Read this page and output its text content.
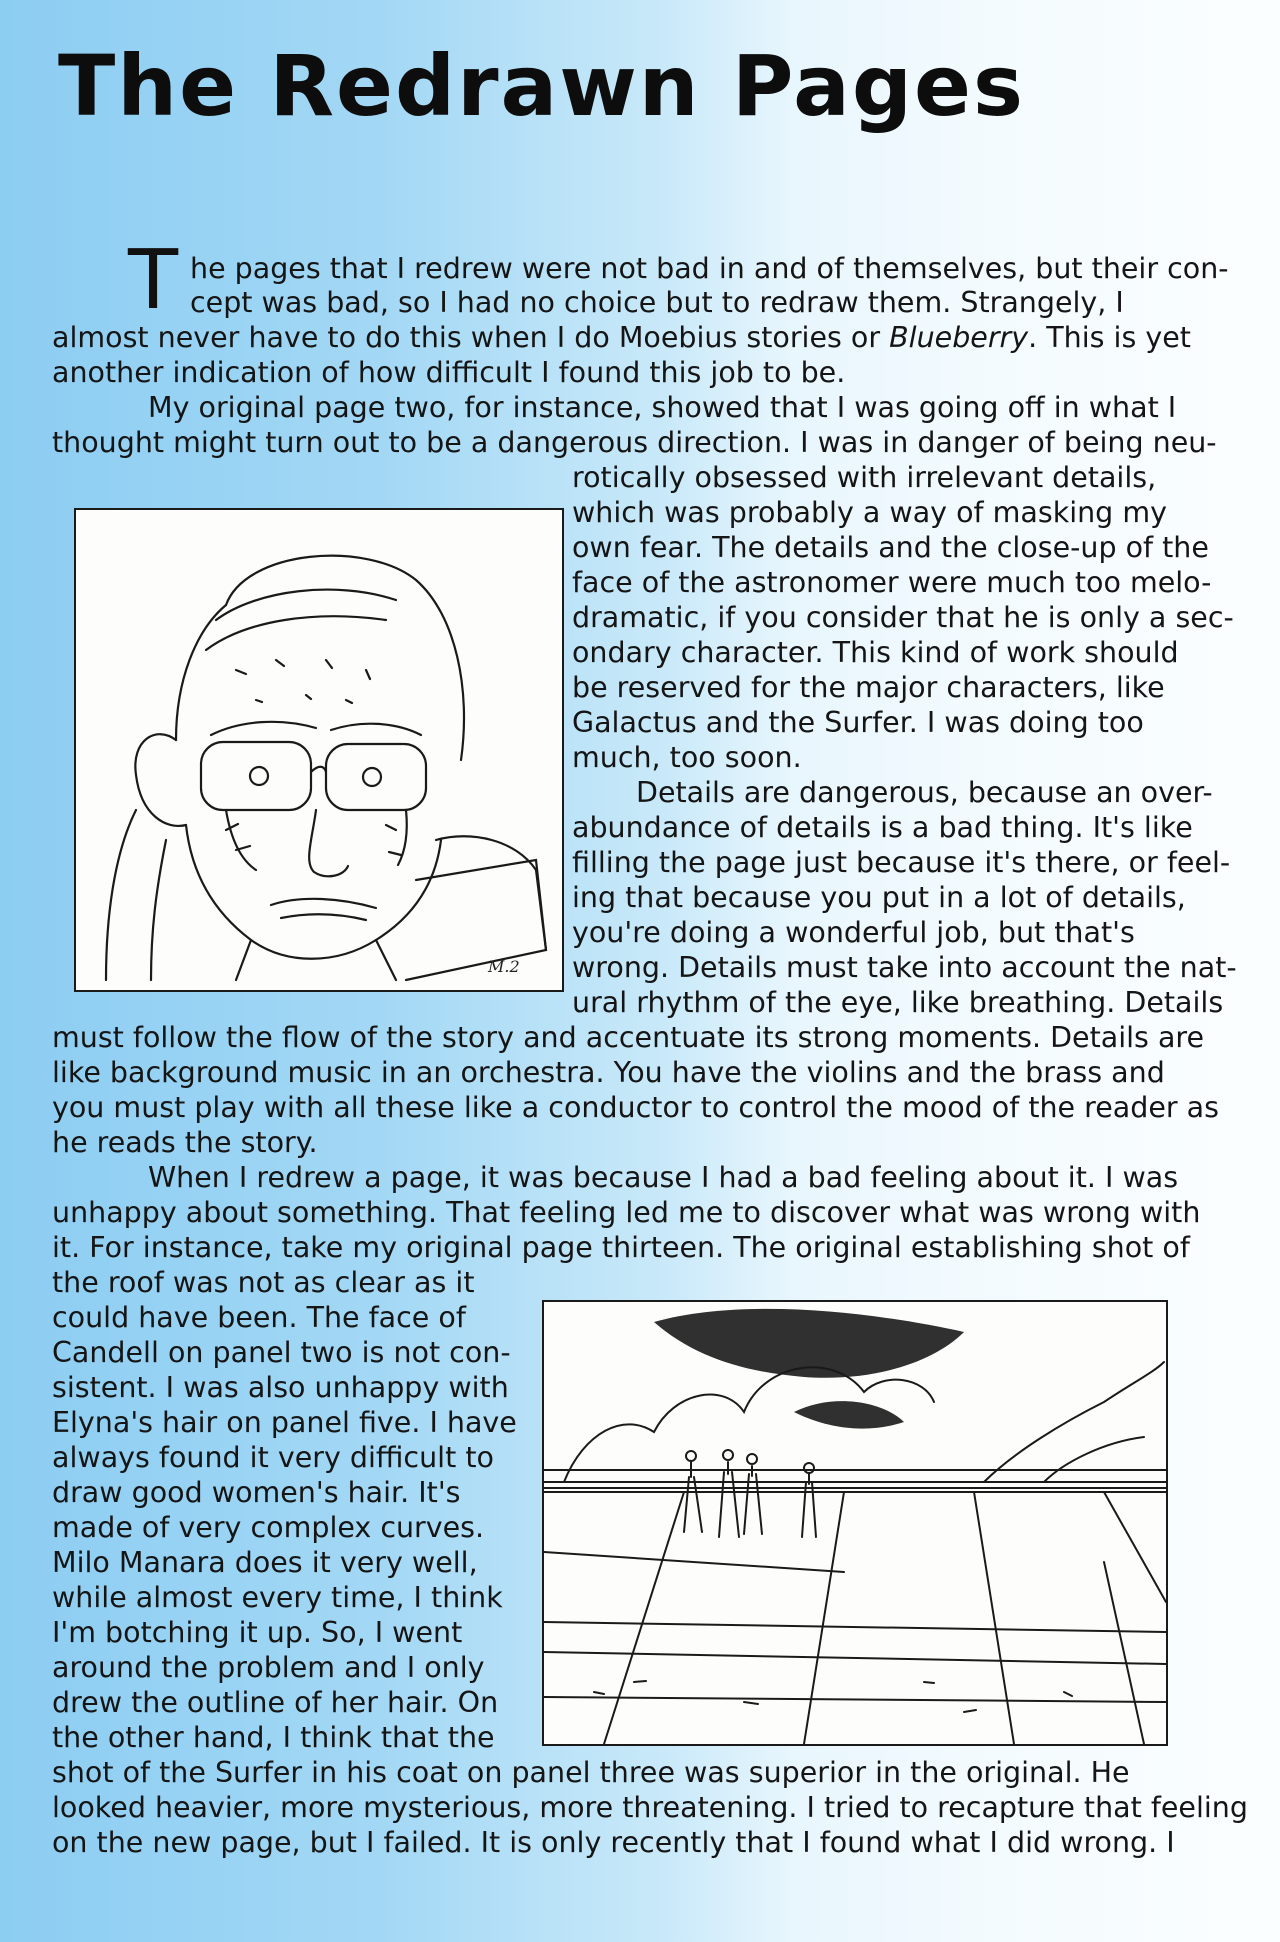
The Redrawn Pages
T he pages that I redrew were not bad in and of themselves, but their con-

cept was bad, so I had no choice but to redraw them. Strangely, I

almost never have to do this when I do Moebius stories or Blueberry. This is yet

another indication of how difficult I found this job to be.

My original page two, for instance, showed that I was going off in what I

thought might turn out to be a dangerous direction. I was in danger of being neu-

rotically obsessed with irrelevant details,

which was probably a way of masking my

own fear. The details and the close-up of the

face of the astronomer were much too melo-

dramatic, if you consider that he is only a sec-

ondary character. This kind of work should

be reserved for the major characters, like

Galactus and the Surfer. I was doing too

much, too soon.

Details are dangerous, because an over-

abundance of details is a bad thing. It's like

filling the page just because it's there, or feel-

ing that because you put in a lot of details,

you're doing a wonderful job, but that's

wrong. Details must take into account the nat-

ural rhythm of the eye, like breathing. Details

must follow the flow of the story and accentuate its strong moments. Details are

like background music in an orchestra. You have the violins and the brass and

you must play with all these like a conductor to control the mood of the reader as

he reads the story.

When I redrew a page, it was because I had a bad feeling about it. I was

unhappy about something. That feeling led me to discover what was wrong with

it. For instance, take my original page thirteen. The original establishing shot of

the roof was not as clear as it

could have been. The face of

Candell on panel two is not con-

sistent. I was also unhappy with

Elyna's hair on panel five. I have

always found it very difficult to

draw good women's hair. It's

made of very complex curves.

Milo Manara does it very well,

while almost every time, I think

I'm botching it up. So, I went

around the problem and I only

drew the outline of her hair. On

the other hand, I think that the

shot of the Surfer in his coat on panel three was superior in the original. He

looked heavier, more mysterious, more threatening. I tried to recapture that feeling

on the new page, but I failed. It is only recently that I found what I did wrong. I

M.2
